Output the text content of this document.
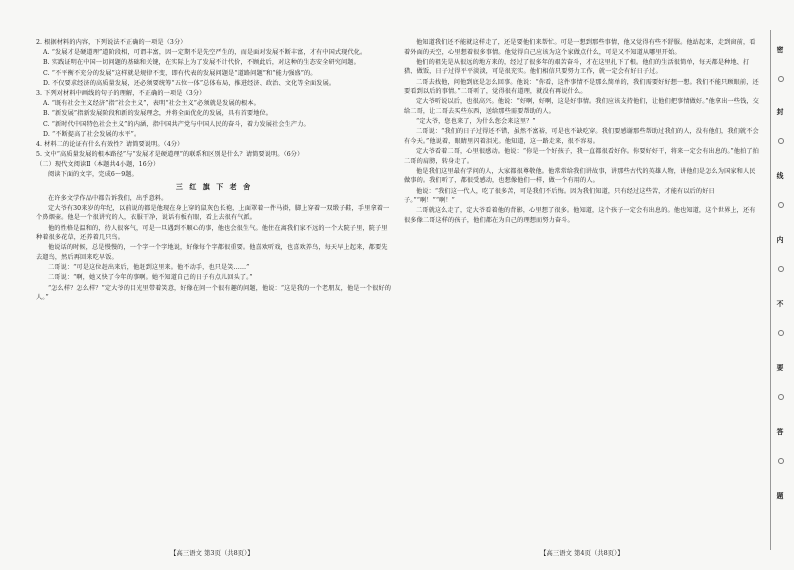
2. 根据材料的内容，下列说法不正确的一项是（3分）

A. “发展才是硬道理”道阶段相，可谓丰富，因一定期不是先空严生的，而是面对发展不断丰富，才有中国式现代化。

B. 实践证明在中国一切问题的基础和关键，在实际上为了发展不计代价，不顾此后，对这种的生态安全研究问题。

C. “不平衡不充分的发展”这样就是规律不变，即有代表的发展问题是“道路问题”和“能力强盛”的。

D. 不仅要求经济的高质量发展，还必须要统筹“五位一体”总体布局，推进经济、政治、文化等全面发展。

3. 下列对材料中画线的句子的理解，不正确的一项是（3分）

A. “既有社会主义经济”指“社会主义”，表明“社会主义”必须就是发展的根本。

B. “新发展”指新发展阶段和新的发展理念，并将全面优化的发展，具有首要地位。

C. “新时代中国特色社会主义”的内涵，指中国共产党与中国人民的奋斗，着力发展社会生产力。

D. “不断提高了社会发展的水平”。

4. 材料二的论证有什么有效性？请简要说明。（4分）

5. 文中“高质量发展的根本路径”与“发展才是硬道理”的联系和区别是什么？请简要说明。（6分）

（二）现代文阅读Ⅱ（本题共4小题，16分）

阅读下面的文字，完成6～9题。

三 红 旗 下 老 舍

在许多文学作品中都告诉我们，出乎意料。

定大爷有30来岁的年纪，以前说的都是他现在身上穿的鼠灰色长袍，上面罩着一件马褂，脚上穿着一双缎子鞋，手里拿着一个鼻烟壶。他是一个很讲究的人，衣服干净，说话有板有眼，看上去很有气派。

他的性格是温和的，待人很客气，可是一旦遇到不顺心的事，他也会很生气。他住在离我们家不远的一个大院子里，院子里种着很多花草，还养着几只鸟。

他说话的时候，总是慢慢的，一个字一个字地说，好像每个字都很重要。他喜欢听戏，也喜欢养鸟，每天早上起来，都要先去遛鸟，然后再回来吃早饭。

二哥说：“可是这位赶出来后，他赶到这里来。他不动手，也只是笑……”

二哥说：“啊，她又快了今年的事啊。她不知道自己的日子有点儿回头了。”

“怎么样？怎么样？”定大爷的目光里带着笑意，好像在问一个很有趣的问题，他说：“这是我的一个老朋友，他是一个很好的人。”

他知道我们还不能就这样走了，还是要他们来帮忙。可是一想到那些事情，他又觉得有些不舒服。他站起来，走到窗前，看着外面的天空，心里想着很多事情。他觉得自己应该为这个家做点什么，可是又不知道从哪里开始。

他们的祖先是从很远的地方来的，经过了很多年的艰苦奋斗，才在这里扎下了根。他们的生活很简单，每天都是种地、打猎、做饭，日子过得平平淡淡，可是很充实。他们相信只要努力工作，就一定会有好日子过。

二哥去找他，问他到底是怎么回事。他说：“你看，这件事情不是那么简单的，我们需要好好想一想。我们不能只顾眼前，还要看到以后的事情。”二哥听了，觉得很有道理，就没有再说什么。

定大爷听说以后，也很高兴。他说：“好啊，好啊，这是好事情。我们应该支持他们，让他们把事情做好。”他拿出一些钱，交给二哥，让二哥去买些东西，送给那些需要帮助的人。

“定大爷，您也来了，为什么您会来这里？”

二哥说：“我们的日子过得还不错，虽然不富裕，可是也不缺吃穿。我们要感谢那些帮助过我们的人，没有他们，我们就不会有今天。”他说着，眼睛里闪着泪光。他知道，这一路走来，很不容易。

定大爷看着二哥，心里很感动。他说：“你是一个好孩子，我一直都很看好你。你要好好干，将来一定会有出息的。”他拍了拍二哥的肩膀，转身走了。

他是我们这里最有学问的人，大家都很尊敬他。他常常给我们讲故事，讲那些古代的英雄人物，讲他们是怎么为国家和人民做事的。我们听了，都很受感动，也想像他们一样，做一个有用的人。

他说：“我们这一代人，吃了很多苦，可是我们不后悔。因为我们知道，只有经过这些苦，才能有以后的好日子。”“啊！”“啊！”

二哥就这么走了，定大爷看着他的背影，心里想了很多。他知道，这个孩子一定会有出息的。他也知道，这个世界上，还有很多像二哥这样的孩子，他们都在为自己的理想而努力奋斗。

【高三语文 第3页（共8页）】	【高三语文 第4页（共8页）】
密
封
线
内
不
要
答
题
